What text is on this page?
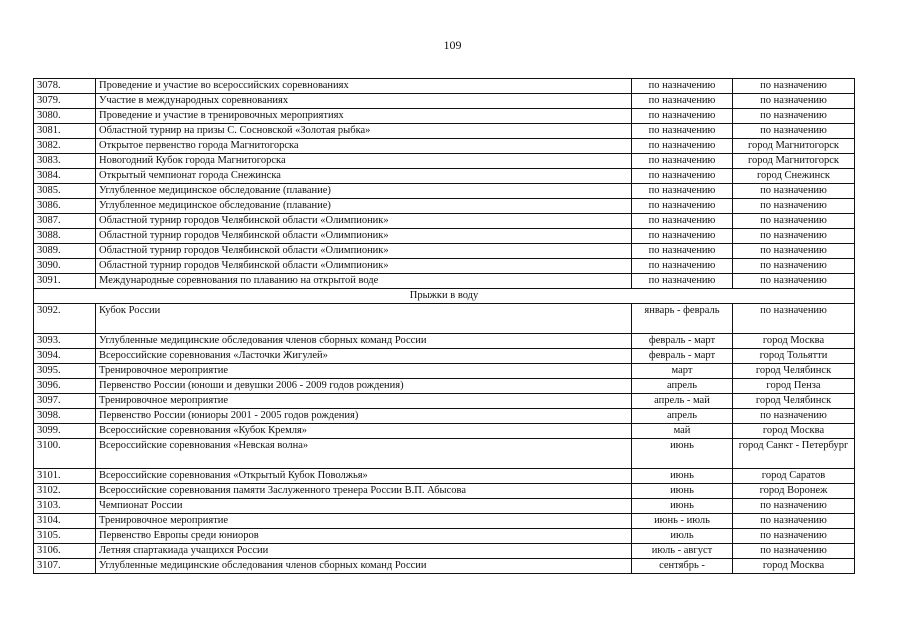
109
3078.	Проведение и участие во всероссийских соревнованиях	по назначению	по назначению
3079.	Участие в международных соревнованиях	по назначению	по назначению
3080.	Проведение и участие в тренировочных мероприятиях	по назначению	по назначению
3081.	Областной турнир на призы С. Сосновской «Золотая рыбка»	по назначению	по назначению
3082.	Открытое первенство города Магнитогорска	по назначению	город Магнитогорск
3083.	Новогодний Кубок города Магнитогорска	по назначению	город Магнитогорск
3084.	Открытый чемпионат города Снежинска	по назначению	город Снежинск
3085.	Углубленное медицинское обследование (плавание)	по назначению	по назначению
3086.	Углубленное медицинское обследование (плавание)	по назначению	по назначению
3087.	Областной турнир городов Челябинской области «Олимпионик»	по назначению	по назначению
3088.	Областной турнир городов Челябинской области «Олимпионик»	по назначению	по назначению
3089.	Областной турнир городов Челябинской области «Олимпионик»	по назначению	по назначению
3090.	Областной турнир городов Челябинской области «Олимпионик»	по назначению	по назначению
3091.	Международные соревнования по плаванию на открытой воде	по назначению	по назначению
Прыжки в воду			
3092.	Кубок России	январь - февраль	по назначению
3093.	Углубленные медицинские обследования членов сборных команд России	февраль - март	город Москва
3094.	Всероссийские соревнования «Ласточки Жигулей»	февраль - март	город Тольятти
3095.	Тренировочное мероприятие	март	город Челябинск
3096.	Первенство России (юноши и девушки 2006 - 2009 годов рождения)	апрель	город Пенза
3097.	Тренировочное мероприятие	апрель - май	город Челябинск
3098.	Первенство России (юниоры 2001 - 2005 годов рождения)	апрель	по назначению
3099.	Всероссийские соревнования «Кубок Кремля»	май	город Москва
3100.	Всероссийские соревнования «Невская волна»	июнь	город Санкт - Петербург
3101.	Всероссийские соревнования «Открытый Кубок Поволжья»	июнь	город Саратов
3102.	Всероссийские соревнования памяти Заслуженного тренера России В.П. Абысова	июнь	город Воронеж
3103.	Чемпионат России	июнь	по назначению
3104.	Тренировочное мероприятие	июнь - июль	по назначению
3105.	Первенство Европы среди юниоров	июль	по назначению
3106.	Летняя спартакиада учащихся России	июль - август	по назначению
3107.	Углубленные медицинские обследования членов сборных команд России	сентябрь -	город Москва
